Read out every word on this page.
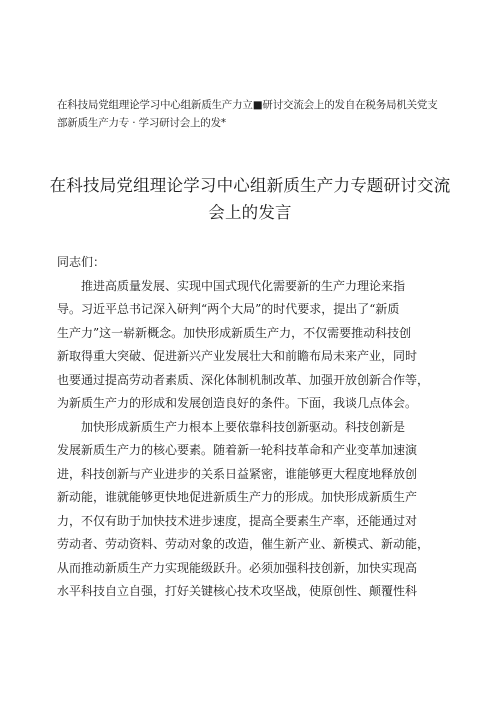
在科技局党组理论学习中心组新质生产力立■研讨交流会上的发自在税务局机关党支
部新质生产力专 · 学习研讨会上的发*
在科技局党组理论学习中心组新质生产力专题研讨交流
会上的发言
同志们：
推进高质量发展、实现中国式现代化需要新的生产力理论来指
导。习近平总书记深入研判“两个大局”的时代要求，提出了“新质
生产力”这一崭新概念。加快形成新质生产力，不仅需要推动科技创
新取得重大突破、促进新兴产业发展壮大和前瞻布局未来产业，同时
也要通过提高劳动者素质、深化体制机制改革、加强开放创新合作等，
为新质生产力的形成和发展创造良好的条件。下面，我谈几点体会。
加快形成新质生产力根本上要依靠科技创新驱动。科技创新是
发展新质生产力的核心要素。随着新一轮科技革命和产业变革加速演
进，科技创新与产业进步的关系日益紧密，谁能够更大程度地释放创
新动能，谁就能够更快地促进新质生产力的形成。加快形成新质生产
力，不仅有助于加快技术进步速度，提高全要素生产率，还能通过对
劳动者、劳动资料、劳动对象的改造，催生新产业、新模式、新动能，
从而推动新质生产力实现能级跃升。必须加强科技创新，加快实现高
水平科技自立自强，打好关键核心技术攻坚战，使原创性、颠覆性科
